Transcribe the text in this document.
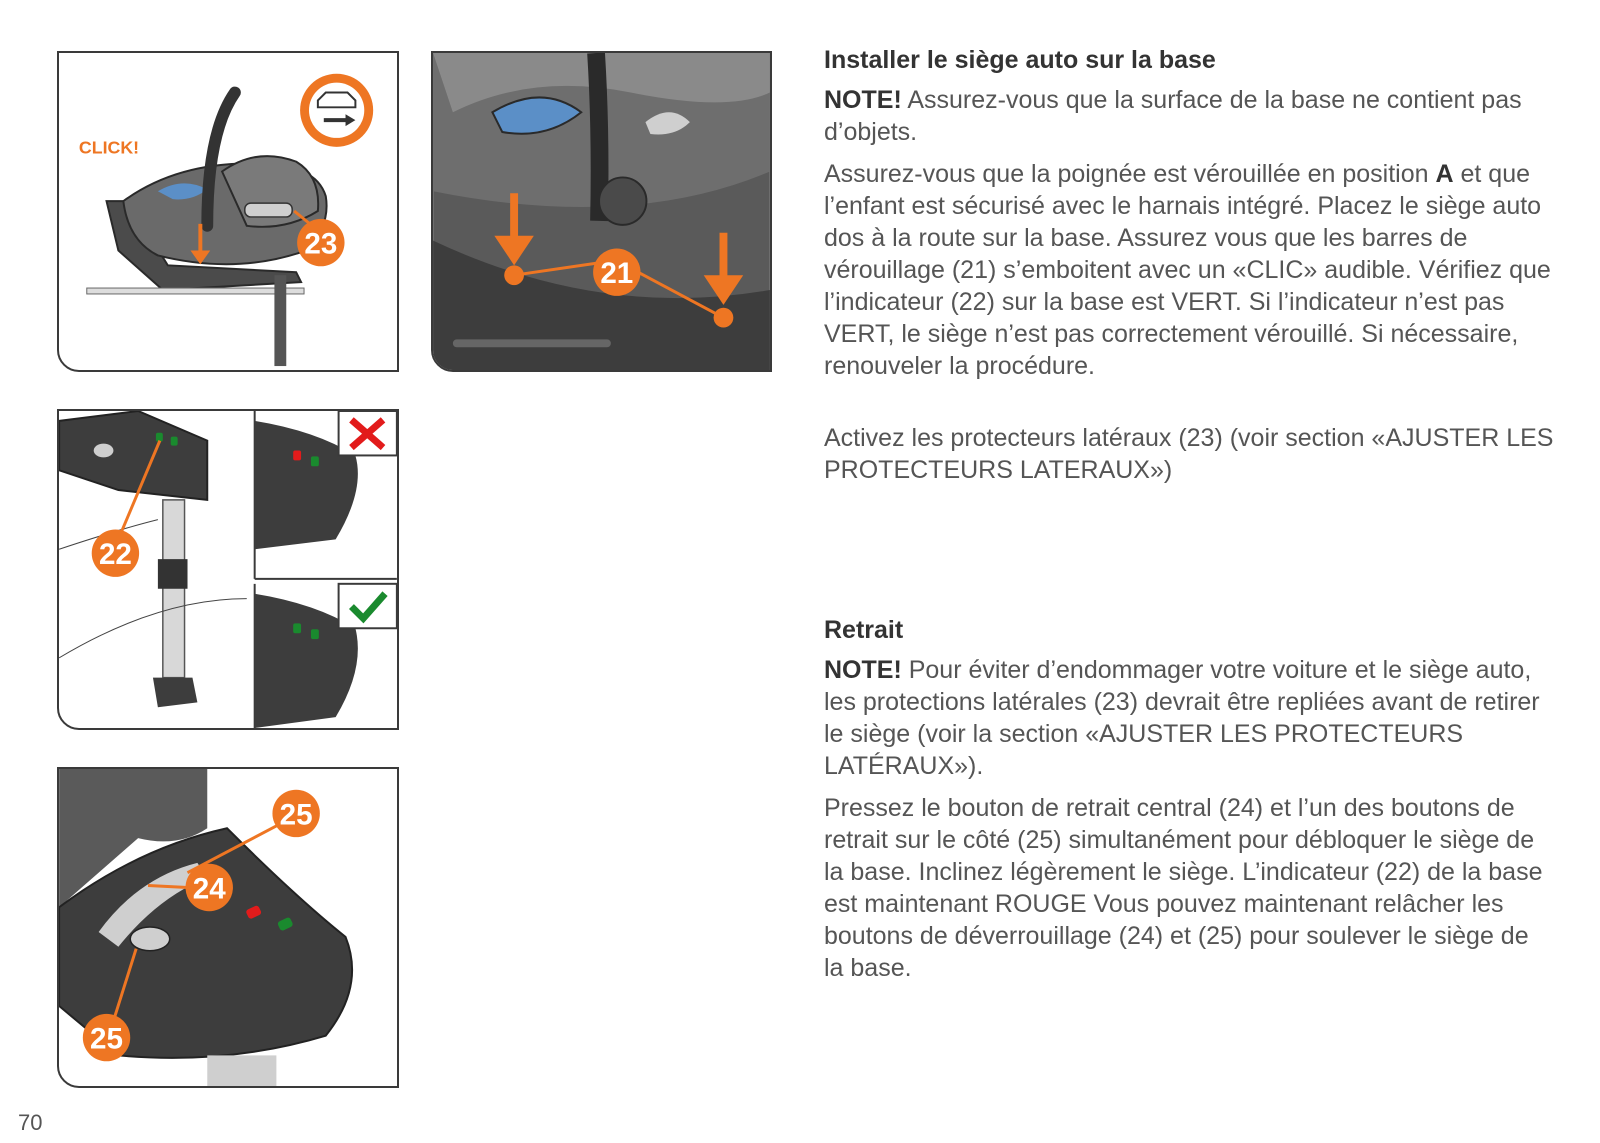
CLICK!
23
21
22
25
24
25
Installer le siège auto sur la base

NOTE! Assurez-vous que la surface de la base ne contient pas d’objets.

Assurez-vous que la poignée est vérouillée en position A et que l’enfant est sécurisé avec le harnais intégré. Placez le siège auto dos à la route sur la base. Assurez vous que les barres de vérouillage (21) s’emboitent avec un «CLIC» audible. Vérifiez que l’indicateur (22) sur la base est VERT. Si l’indicateur n’est pas VERT, le siège n’est pas correctement vérouillé. Si nécessaire, renouveler la procédure.

Activez les protecteurs latéraux (23) (voir section «AJUSTER LES PROTECTEURS LATERAUX»)

Retrait

NOTE! Pour éviter d’endommager votre voiture et le siège auto, les protections latérales (23) devrait être repliées avant de retirer le siège (voir la section «AJUSTER LES PROTECTEURS LATÉRAUX»).

Pressez le bouton de retrait central (24) et l’un des boutons de retrait sur le côté (25) simultanément pour débloquer le siège de la base. Inclinez légèrement le siège. L’indicateur (22) de la base est maintenant ROUGE Vous pouvez maintenant relâcher les boutons de déverrouillage (24) et (25) pour soulever le siège de la base.

70
